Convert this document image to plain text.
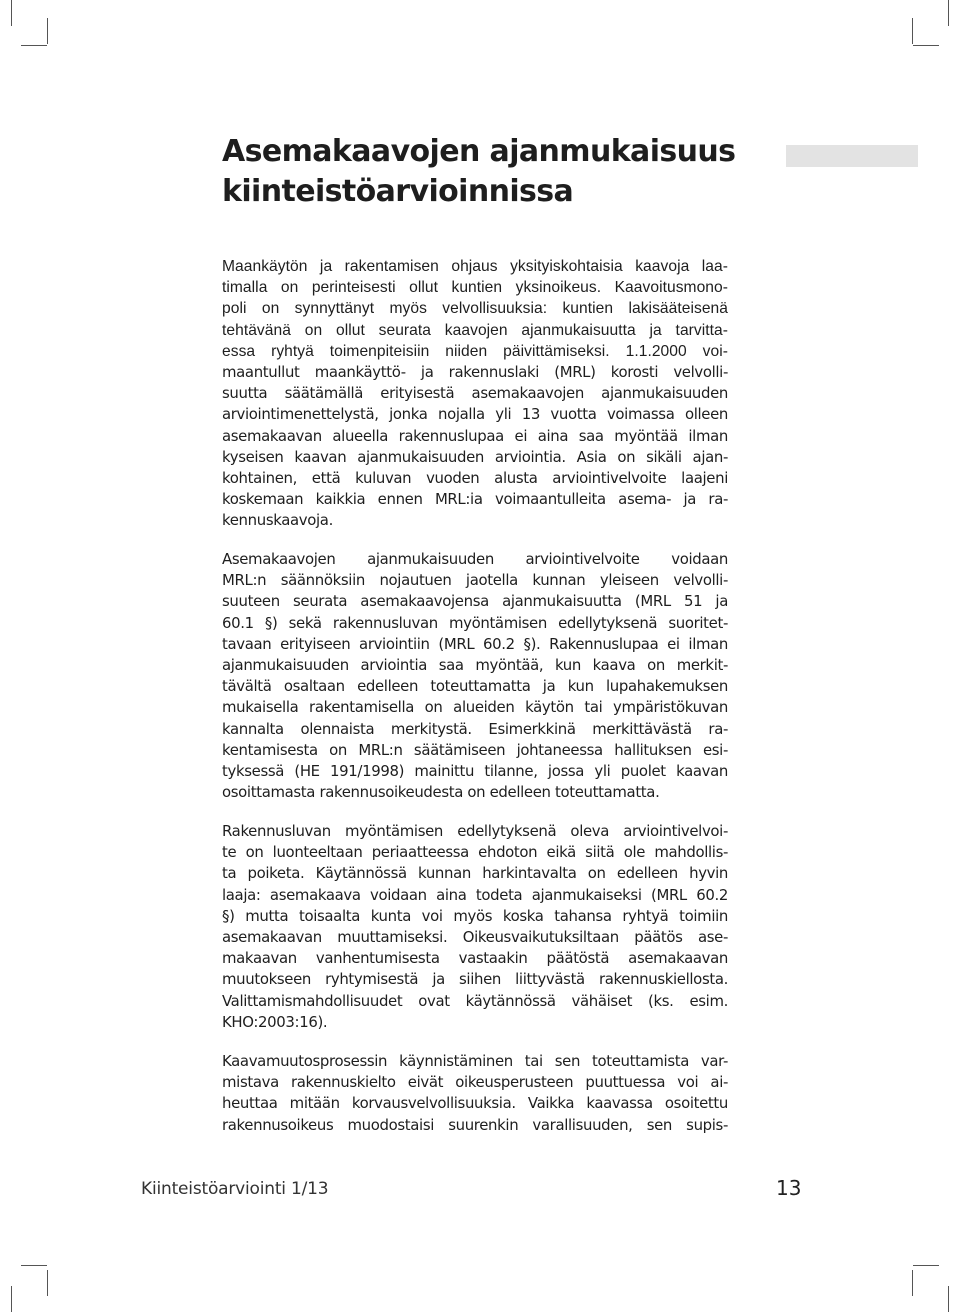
Asemakaavojen ajanmukaisuus
kiinteistöarvioinnissa

Maankäytön ja rakentamisen ohjaus yksityiskohtaisia kaavoja laa-
timalla on perinteisesti ollut kuntien yksinoikeus. Kaavoitusmono-
poli on synnyttänyt myös velvollisuuksia: kuntien lakisääteisenä
tehtävänä on ollut seurata kaavojen ajanmukaisuutta ja tarvitta-
essa ryhtyä toimenpiteisiin niiden päivittämiseksi. 1.1.2000 voi-

maantullut maankäyttö- ja rakennuslaki (MRL) korosti velvolli-
suutta säätämällä erityisestä asemakaavojen ajanmukaisuuden
arviointimenettelystä, jonka nojalla yli 13 vuotta voimassa olleen
asemakaavan alueella rakennuslupaa ei aina saa myöntää ilman
kyseisen kaavan ajanmukaisuuden arviointia. Asia on sikäli ajan-
kohtainen, että kuluvan vuoden alusta arviointivelvoite laajeni
koskemaan kaikkia ennen MRL:ia voimaantulleita asema- ja ra-
kennuskaavoja.

Asemakaavojen ajanmukaisuuden arviointivelvoite voidaan
MRL:n säännöksiin nojautuen jaotella kunnan yleiseen velvolli-
suuteen seurata asemakaavojensa ajanmukaisuutta (MRL 51 ja
60.1 §) sekä rakennusluvan myöntämisen edellytyksenä suoritet-
tavaan erityiseen arviointiin (MRL 60.2 §). Rakennuslupaa ei ilman
ajanmukaisuuden arviointia saa myöntää, kun kaava on merkit-
tävältä osaltaan edelleen toteuttamatta ja kun lupahakemuksen
mukaisella rakentamisella on alueiden käytön tai ympäristökuvan
kannalta olennaista merkitystä. Esimerkkinä merkittävästä ra-
kentamisesta on MRL:n säätämiseen johtaneessa hallituksen esi-
tyksessä (HE 191/1998) mainittu tilanne, jossa yli puolet kaavan
osoittamasta rakennusoikeudesta on edelleen toteuttamatta.

Rakennusluvan myöntämisen edellytyksenä oleva arviointivelvoi-
te on luonteeltaan periaatteessa ehdoton eikä siitä ole mahdollis-
ta poiketa. Käytännössä kunnan harkintavalta on edelleen hyvin
laaja: asemakaava voidaan aina todeta ajanmukaiseksi (MRL 60.2
§) mutta toisaalta kunta voi myös koska tahansa ryhtyä toimiin
asemakaavan muuttamiseksi. Oikeusvaikutuksiltaan päätös ase-
makaavan vanhentumisesta vastaakin päätöstä asemakaavan
muutokseen ryhtymisestä ja siihen liittyvästä rakennuskiellosta.
Valittamismahdollisuudet ovat käytännössä vähäiset (ks. esim.
KHO:2003:16).

Kaavamuutosprosessin käynnistäminen tai sen toteuttamista var-
mistava rakennuskielto eivät oikeusperusteen puuttuessa voi ai-
heuttaa mitään korvausvelvollisuuksia. Vaikka kaavassa osoitettu
rakennusoikeus muodostaisi suurenkin varallisuuden, sen supis-

Kiinteistöarviointi 1/13	13
